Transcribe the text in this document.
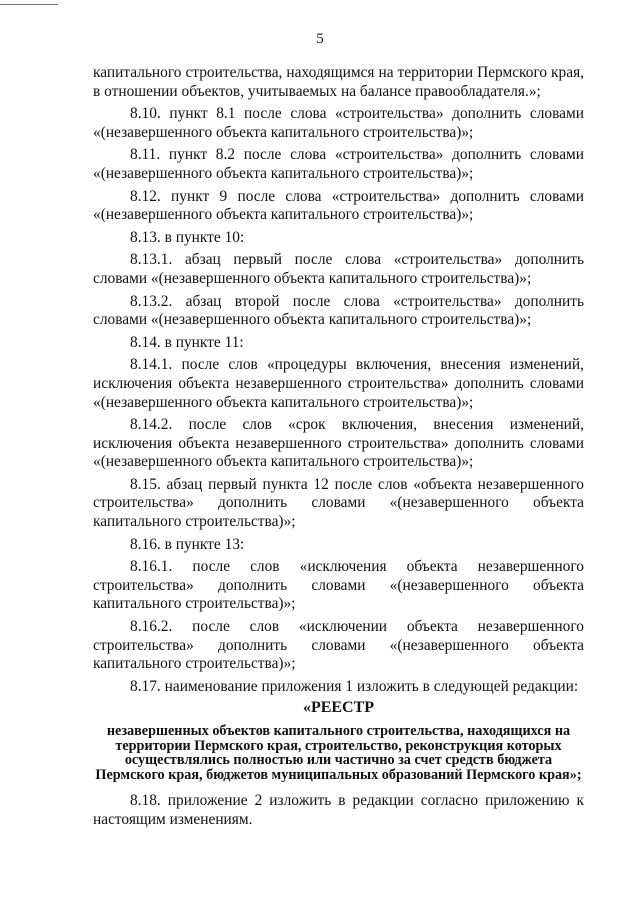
5

капитального строительства, находящимся на территории Пермского края, в отношении объектов, учитываемых на балансе правообладателя.»;

8.10. пункт 8.1 после слова «строительства» дополнить словами «(незавершенного объекта капитального строительства)»;

8.11. пункт 8.2 после слова «строительства» дополнить словами «(незавершенного объекта капитального строительства)»;

8.12. пункт 9 после слова «строительства» дополнить словами «(незавершенного объекта капитального строительства)»;

8.13. в пункте 10:

8.13.1. абзац первый после слова «строительства» дополнить словами «(незавершенного объекта капитального строительства)»;

8.13.2. абзац второй после слова «строительства» дополнить словами «(незавершенного объекта капитального строительства)»;

8.14. в пункте 11:

8.14.1. после слов «процедуры включения, внесения изменений, исключения объекта незавершенного строительства» дополнить словами «(незавершенного объекта капитального строительства)»;

8.14.2. после слов «срок включения, внесения изменений, исключения объекта незавершенного строительства» дополнить словами «(незавершенного объекта капитального строительства)»;

8.15. абзац первый пункта 12 после слов «объекта незавершенного строительства» дополнить словами «(незавершенного объекта капитального строительства)»;

8.16. в пункте 13:

8.16.1. после слов «исключения объекта незавершенного строительства» дополнить словами «(незавершенного объекта капитального строительства)»;

8.16.2. после слов «исключении объекта незавершенного строительства» дополнить словами «(незавершенного объекта капитального строительства)»;

8.17. наименование приложения 1 изложить в следующей редакции:

«РЕЕСТР

незавершенных объектов капитального строительства, находящихся на территории Пермского края, строительство, реконструкция которых осуществлялись полностью или частично за счет средств бюджета Пермского края, бюджетов муниципальных образований Пермского края»;

8.18. приложение 2 изложить в редакции согласно приложению к настоящим изменениям.
